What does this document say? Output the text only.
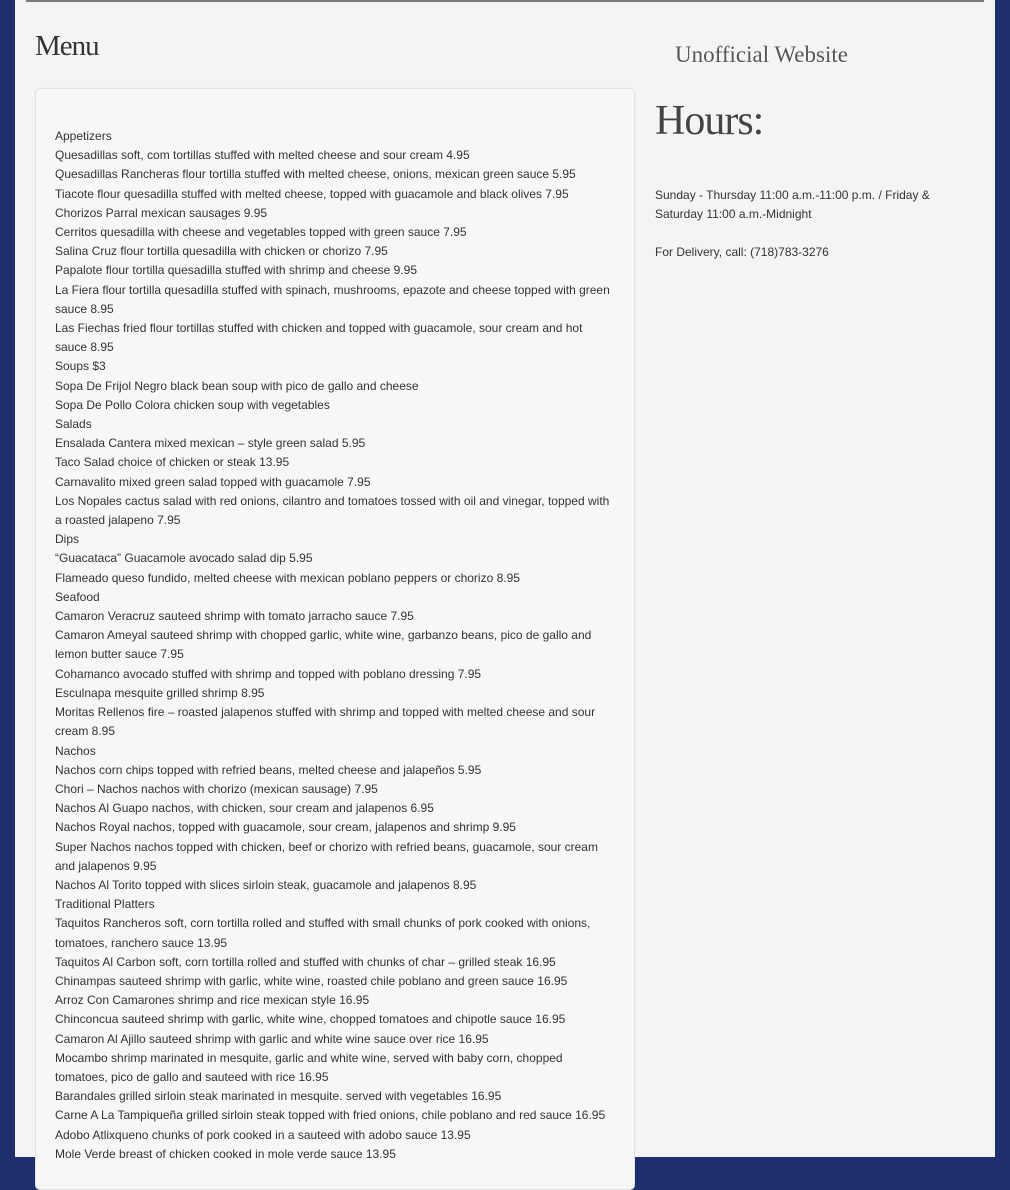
Menu	Unofficial Website
Appetizers
Quesadillas soft, com tortillas stuffed with melted cheese and sour cream 4.95
Quesadillas Rancheras flour tortilla stuffed with melted cheese, onions, mexican green sauce 5.95
Tiacote flour quesadilla stuffed with melted cheese, topped with guacamole and black olives 7.95
Chorizos Parral mexican sausages 9.95
Cerritos quesadilla with cheese and vegetables topped with green sauce 7.95
Salina Cruz flour tortilla quesadilla with chicken or chorizo 7.95
Papalote flour tortilla quesadilla stuffed with shrimp and cheese 9.95
La Fiera flour tortilla quesadilla stuffed with spinach, mushrooms, epazote and cheese topped with green sauce 8.95
Las Fiechas fried flour tortillas stuffed with chicken and topped with guacamole, sour cream and hot sauce 8.95
Soups $3
Sopa De Frijol Negro black bean soup with pico de gallo and cheese
Sopa De Pollo Colora chicken soup with vegetables
Salads
Ensalada Cantera mixed mexican – style green salad 5.95
Taco Salad choice of chicken or steak 13.95
Carnavalito mixed green salad topped with guacamole 7.95
Los Nopales cactus salad with red onions, cilantro and tomatoes tossed with oil and vinegar, topped with a roasted jalapeno 7.95
Dips
“Guacataca” Guacamole avocado salad dip 5.95
Flameado queso fundido, melted cheese with mexican poblano peppers or chorizo 8.95
Seafood
Camaron Veracruz sauteed shrimp with tomato jarracho sauce 7.95
Camaron Ameyal sauteed shrimp with chopped garlic, white wine, garbanzo beans, pico de gallo and lemon butter sauce 7.95
Cohamanco avocado stuffed with shrimp and topped with poblano dressing 7.95
Esculnapa mesquite grilled shrimp 8.95
Moritas Rellenos fire – roasted jalapenos stuffed with shrimp and topped with melted cheese and sour cream 8.95
Nachos
Nachos corn chips topped with refried beans, melted cheese and jalapeños 5.95
Chori – Nachos nachos with chorizo (mexican sausage) 7.95
Nachos Al Guapo nachos, with chicken, sour cream and jalapenos 6.95
Nachos Royal nachos, topped with guacamole, sour cream, jalapenos and shrimp 9.95
Super Nachos nachos topped with chicken, beef or chorizo with refried beans, guacamole, sour cream and jalapenos 9.95
Nachos Al Torito topped with slices sirloin steak, guacamole and jalapenos 8.95
Traditional Platters
Taquitos Rancheros soft, corn tortilla rolled and stuffed with small chunks of pork cooked with onions, tomatoes, ranchero sauce 13.95
Taquitos Al Carbon soft, corn tortilla rolled and stuffed with chunks of char – grilled steak 16.95
Chinampas sauteed shrimp with garlic, white wine, roasted chile poblano and green sauce 16.95
Arroz Con Camarones shrimp and rice mexican style 16.95
Chinconcua sauteed shrimp with garlic, white wine, chopped tomatoes and chipotle sauce 16.95
Camaron Al Ajillo sauteed shrimp with garlic and white wine sauce over rice 16.95
Mocambo shrimp marinated in mesquite, garlic and white wine, served with baby corn, chopped tomatoes, pico de gallo and sauteed with rice 16.95
Barandales grilled sirloin steak marinated in mesquite. served with vegetables 16.95
Carne A La Tampiqueña grilled sirloin steak topped with fried onions, chile poblano and red sauce 16.95
Adobo Atlixqueno chunks of pork cooked in a sauteed with adobo sauce 13.95
Mole Verde breast of chicken cooked in mole verde sauce 13.95
Hours:
Sunday - Thursday 11:00 a.m.-11:00 p.m. / Friday & Saturday 11:00 a.m.-Midnight
For Delivery, call: (718)783-3276
